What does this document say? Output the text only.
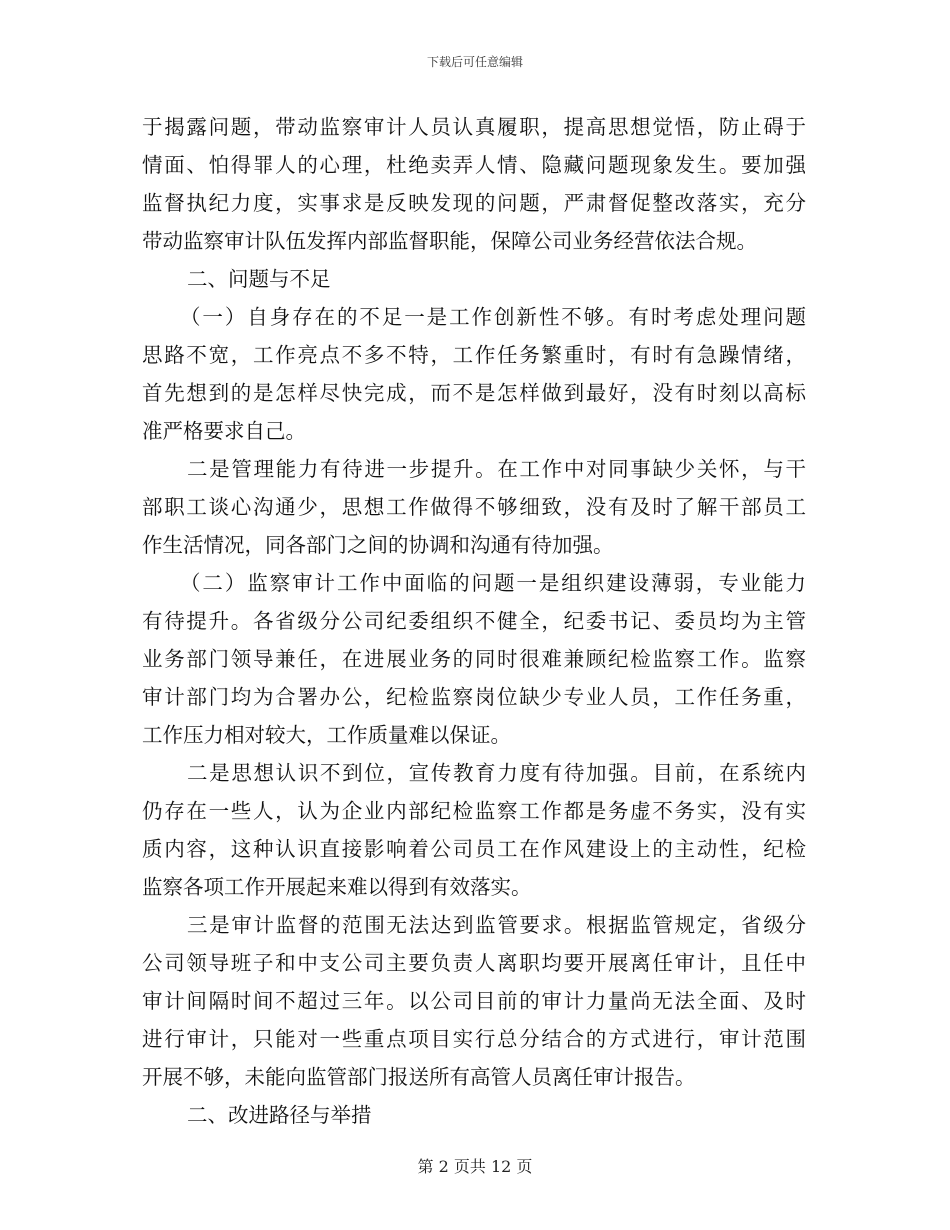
下载后可任意编辑

于揭露问题，带动监察审计人员认真履职，提高思想觉悟，防止碍于

情面、怕得罪人的心理，杜绝卖弄人情、隐藏问题现象发生。要加强

监督执纪力度，实事求是反映发现的问题，严肃督促整改落实，充分

带动监察审计队伍发挥内部监督职能，保障公司业务经营依法合规。

二、问题与不足

（一）自身存在的不足一是工作创新性不够。有时考虑处理问题

思路不宽，工作亮点不多不特，工作任务繁重时，有时有急躁情绪，

首先想到的是怎样尽快完成，而不是怎样做到最好，没有时刻以高标

准严格要求自己。

二是管理能力有待进一步提升。在工作中对同事缺少关怀，与干

部职工谈心沟通少，思想工作做得不够细致，没有及时了解干部员工

作生活情况，同各部门之间的协调和沟通有待加强。

（二）监察审计工作中面临的问题一是组织建设薄弱，专业能力

有待提升。各省级分公司纪委组织不健全，纪委书记、委员均为主管

业务部门领导兼任，在进展业务的同时很难兼顾纪检监察工作。监察

审计部门均为合署办公，纪检监察岗位缺少专业人员，工作任务重，

工作压力相对较大，工作质量难以保证。

二是思想认识不到位，宣传教育力度有待加强。目前，在系统内

仍存在一些人，认为企业内部纪检监察工作都是务虚不务实，没有实

质内容，这种认识直接影响着公司员工在作风建设上的主动性，纪检

监察各项工作开展起来难以得到有效落实。

三是审计监督的范围无法达到监管要求。根据监管规定，省级分

公司领导班子和中支公司主要负责人离职均要开展离任审计，且任中

审计间隔时间不超过三年。以公司目前的审计力量尚无法全面、及时

进行审计，只能对一些重点项目实行总分结合的方式进行，审计范围

开展不够，未能向监管部门报送所有高管人员离任审计报告。

二、改进路径与举措

第 2 页共 12 页
